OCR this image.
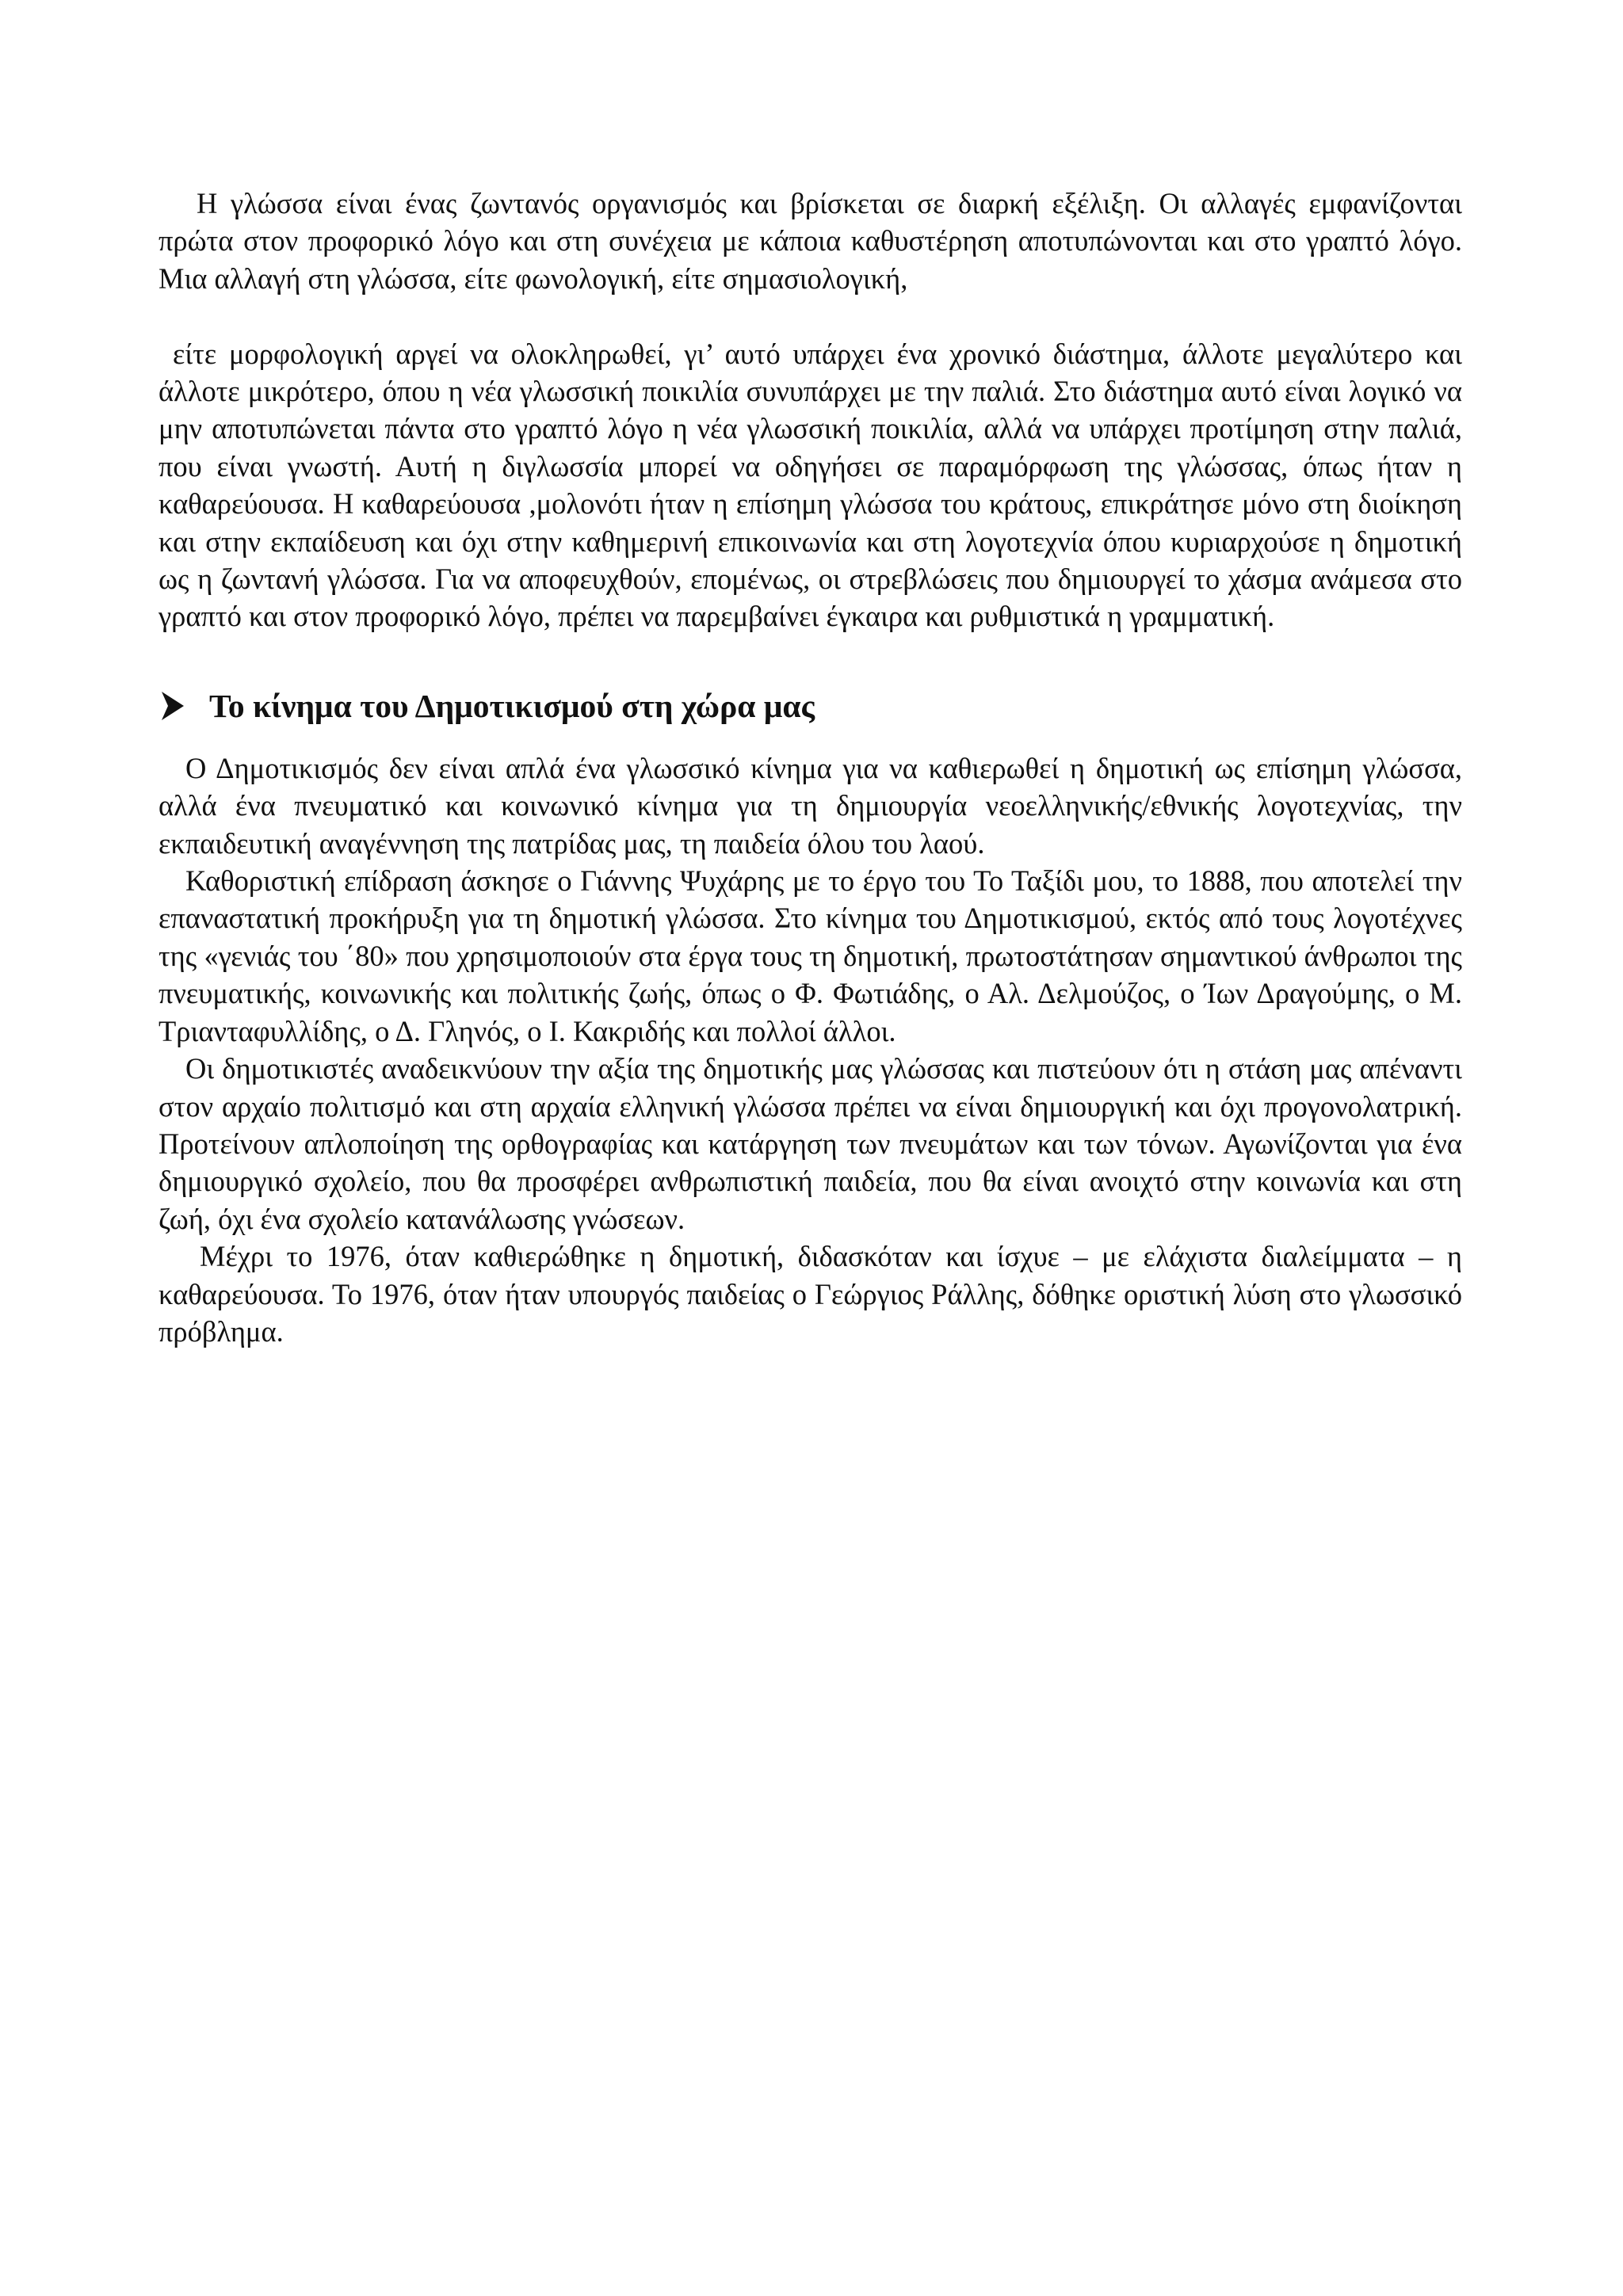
Η γλώσσα είναι ένας ζωντανός οργανισμός και βρίσκεται σε διαρκή εξέλιξη. Οι αλλαγές εμφανίζονται πρώτα στον προφορικό λόγο και στη συνέχεια με κάποια καθυστέρηση αποτυπώνονται και στο γραπτό λόγο. Μια αλλαγή στη γλώσσα, είτε φωνολογική, είτε σημασιολογική,

είτε μορφολογική αργεί να ολοκληρωθεί, γι’ αυτό υπάρχει ένα χρονικό διάστημα, άλλοτε μεγαλύτερο και άλλοτε μικρότερο, όπου η νέα γλωσσική ποικιλία συνυπάρχει με την παλιά. Στο διάστημα αυτό είναι λογικό να μην αποτυπώνεται πάντα στο γραπτό λόγο η νέα γλωσσική ποικιλία, αλλά να υπάρχει προτίμηση στην παλιά, που είναι γνωστή. Αυτή η διγλωσσία μπορεί να οδηγήσει σε παραμόρφωση της γλώσσας, όπως ήταν η καθαρεύουσα. Η καθαρεύουσα ,μολονότι ήταν η επίσημη γλώσσα του κράτους, επικράτησε μόνο στη διοίκηση και στην εκπαίδευση και όχι στην καθημερινή επικοινωνία και στη λογοτεχνία όπου κυριαρχούσε η δημοτική ως η ζωντανή γλώσσα. Για να αποφευχθούν, επομένως, οι στρεβλώσεις που δημιουργεί το χάσμα ανάμεσα στο γραπτό και στον προφορικό λόγο, πρέπει να παρεμβαίνει έγκαιρα και ρυθμιστικά η γραμματική.

Το κίνημα του Δημοτικισμού στη χώρα μας

Ο Δημοτικισμός δεν είναι απλά ένα γλωσσικό κίνημα για να καθιερωθεί η δημοτική ως επίσημη γλώσσα, αλλά ένα πνευματικό και κοινωνικό κίνημα για τη δημιουργία νεοελληνικής/εθνικής λογοτεχνίας, την εκπαιδευτική αναγέννηση της πατρίδας μας, τη παιδεία όλου του λαού.

Καθοριστική επίδραση άσκησε ο Γιάννης Ψυχάρης με το έργο του Το Ταξίδι μου, το 1888, που αποτελεί την επαναστατική προκήρυξη για τη δημοτική γλώσσα. Στο κίνημα του Δημοτικισμού, εκτός από τους λογοτέχνες της «γενιάς του ΄80» που χρησιμοποιούν στα έργα τους τη δημοτική, πρωτοστάτησαν σημαντικού άνθρωποι της πνευματικής, κοινωνικής και πολιτικής ζωής, όπως ο Φ. Φωτιάδης, ο Αλ. Δελμούζος, ο Ίων Δραγούμης, ο Μ. Τριανταφυλλίδης, ο Δ. Γληνός, ο Ι. Κακριδής και πολλοί άλλοι.

Οι δημοτικιστές αναδεικνύουν την αξία της δημοτικής μας γλώσσας και πιστεύουν ότι η στάση μας απέναντι στον αρχαίο πολιτισμό και στη αρχαία ελληνική γλώσσα πρέπει να είναι δημιουργική και όχι προγονολατρική. Προτείνουν απλοποίηση της ορθογραφίας και κατάργηση των πνευμάτων και των τόνων. Αγωνίζονται για ένα δημιουργικό σχολείο, που θα προσφέρει ανθρωπιστική παιδεία, που θα είναι ανοιχτό στην κοινωνία και στη ζωή, όχι ένα σχολείο κατανάλωσης γνώσεων.

Μέχρι το 1976, όταν καθιερώθηκε η δημοτική, διδασκόταν και ίσχυε – με ελάχιστα διαλείμματα – η καθαρεύουσα. Το 1976, όταν ήταν υπουργός παιδείας ο Γεώργιος Ράλλης, δόθηκε οριστική λύση στο γλωσσικό πρόβλημα.
